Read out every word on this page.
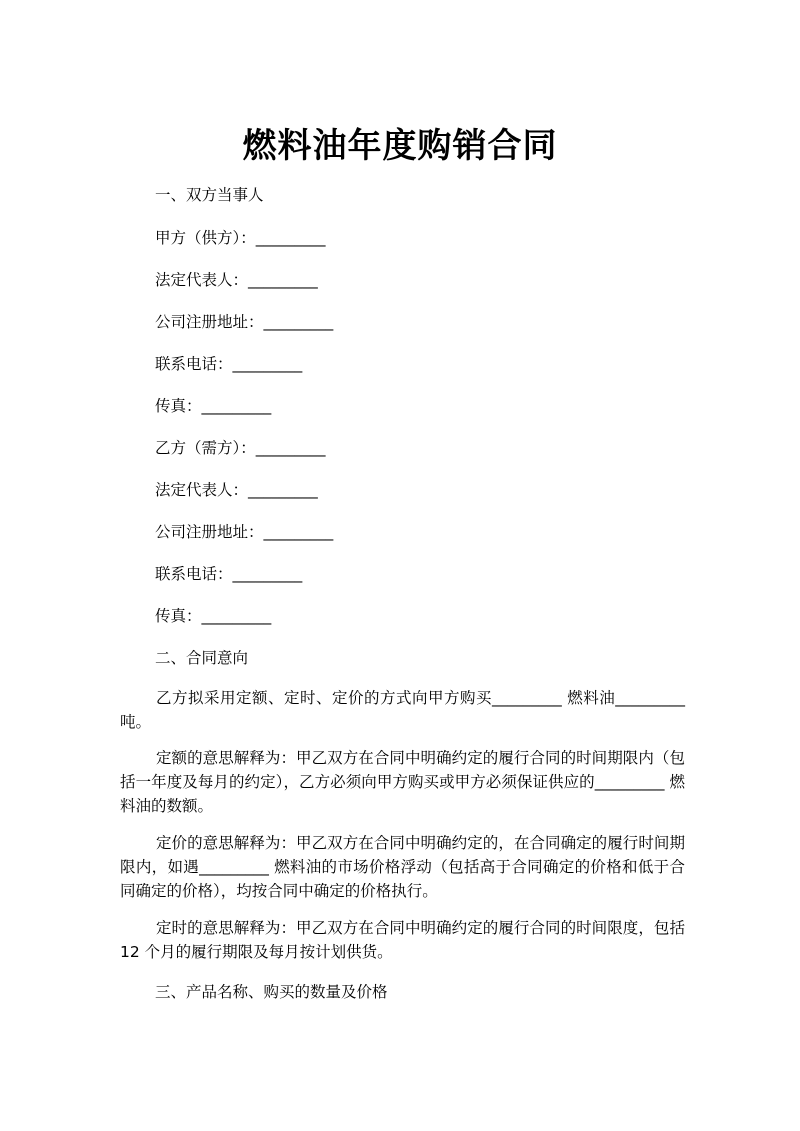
燃料油年度购销合同
一、双方当事人
甲方（供方）：_________
法定代表人：_________
公司注册地址：_________
联系电话：_________
传真：_________
乙方（需方）：_________
法定代表人：_________
公司注册地址：_________
联系电话：_________
传真：_________
二、合同意向
乙方拟采用定额、定时、定价的方式向甲方购买_________ 燃料油_________吨。
定额的意思解释为：甲乙双方在合同中明确约定的履行合同的时间期限内（包括一年度及每月的约定），乙方必须向甲方购买或甲方必须保证供应的_________ 燃料油的数额。
定价的意思解释为：甲乙双方在合同中明确约定的，在合同确定的履行时间期限内，如遇_________ 燃料油的市场价格浮动（包括高于合同确定的价格和低于合同确定的价格），均按合同中确定的价格执行。
定时的意思解释为：甲乙双方在合同中明确约定的履行合同的时间限度，包括 12 个月的履行期限及每月按计划供货。
三、产品名称、购买的数量及价格
